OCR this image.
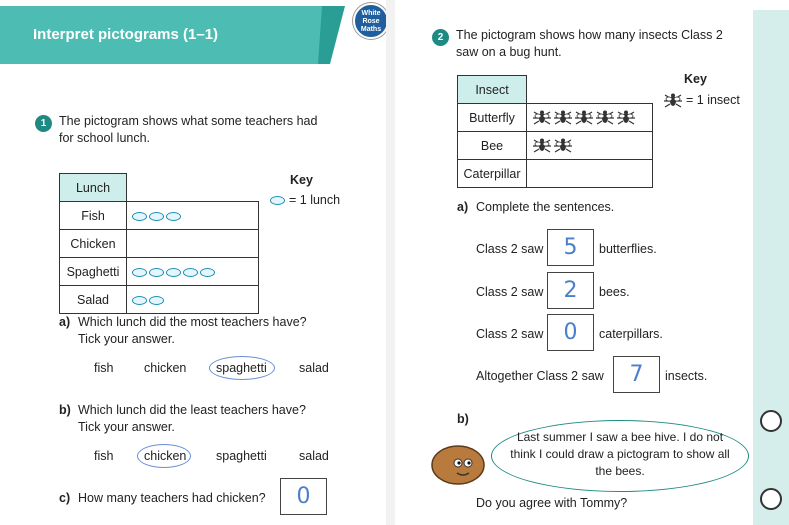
Interpret pictograms (1–1)
White
Rose
Maths
1	The pictogram shows what some teachers had
for school lunch.
Lunch	
Fish	
Chicken	
Spaghetti	
Salad	
Key
= 1 lunch
a) Which lunch did the most teachers have?
Tick your answer.
fish chicken spaghetti	salad
b) Which lunch did the least teachers have?
Tick your answer.
fish chicken spaghetti	salad
c) How many teachers had chicken?	0
2	The pictogram shows how many insects Class 2
saw on a bug hunt.
Insect	
Butterfly	
Bee	
Caterpillar	
Key
= 1 insect
a) Complete the sentences.
Class 2 saw 5	butterflies.
Class 2 saw 2	bees.
Class 2 saw 0	caterpillars.
Altogether Class 2 saw	7	insects.
b)
Last summer I saw a bee hive. I do not think I could draw a pictogram to show all the bees.
Do you agree with Tommy?
